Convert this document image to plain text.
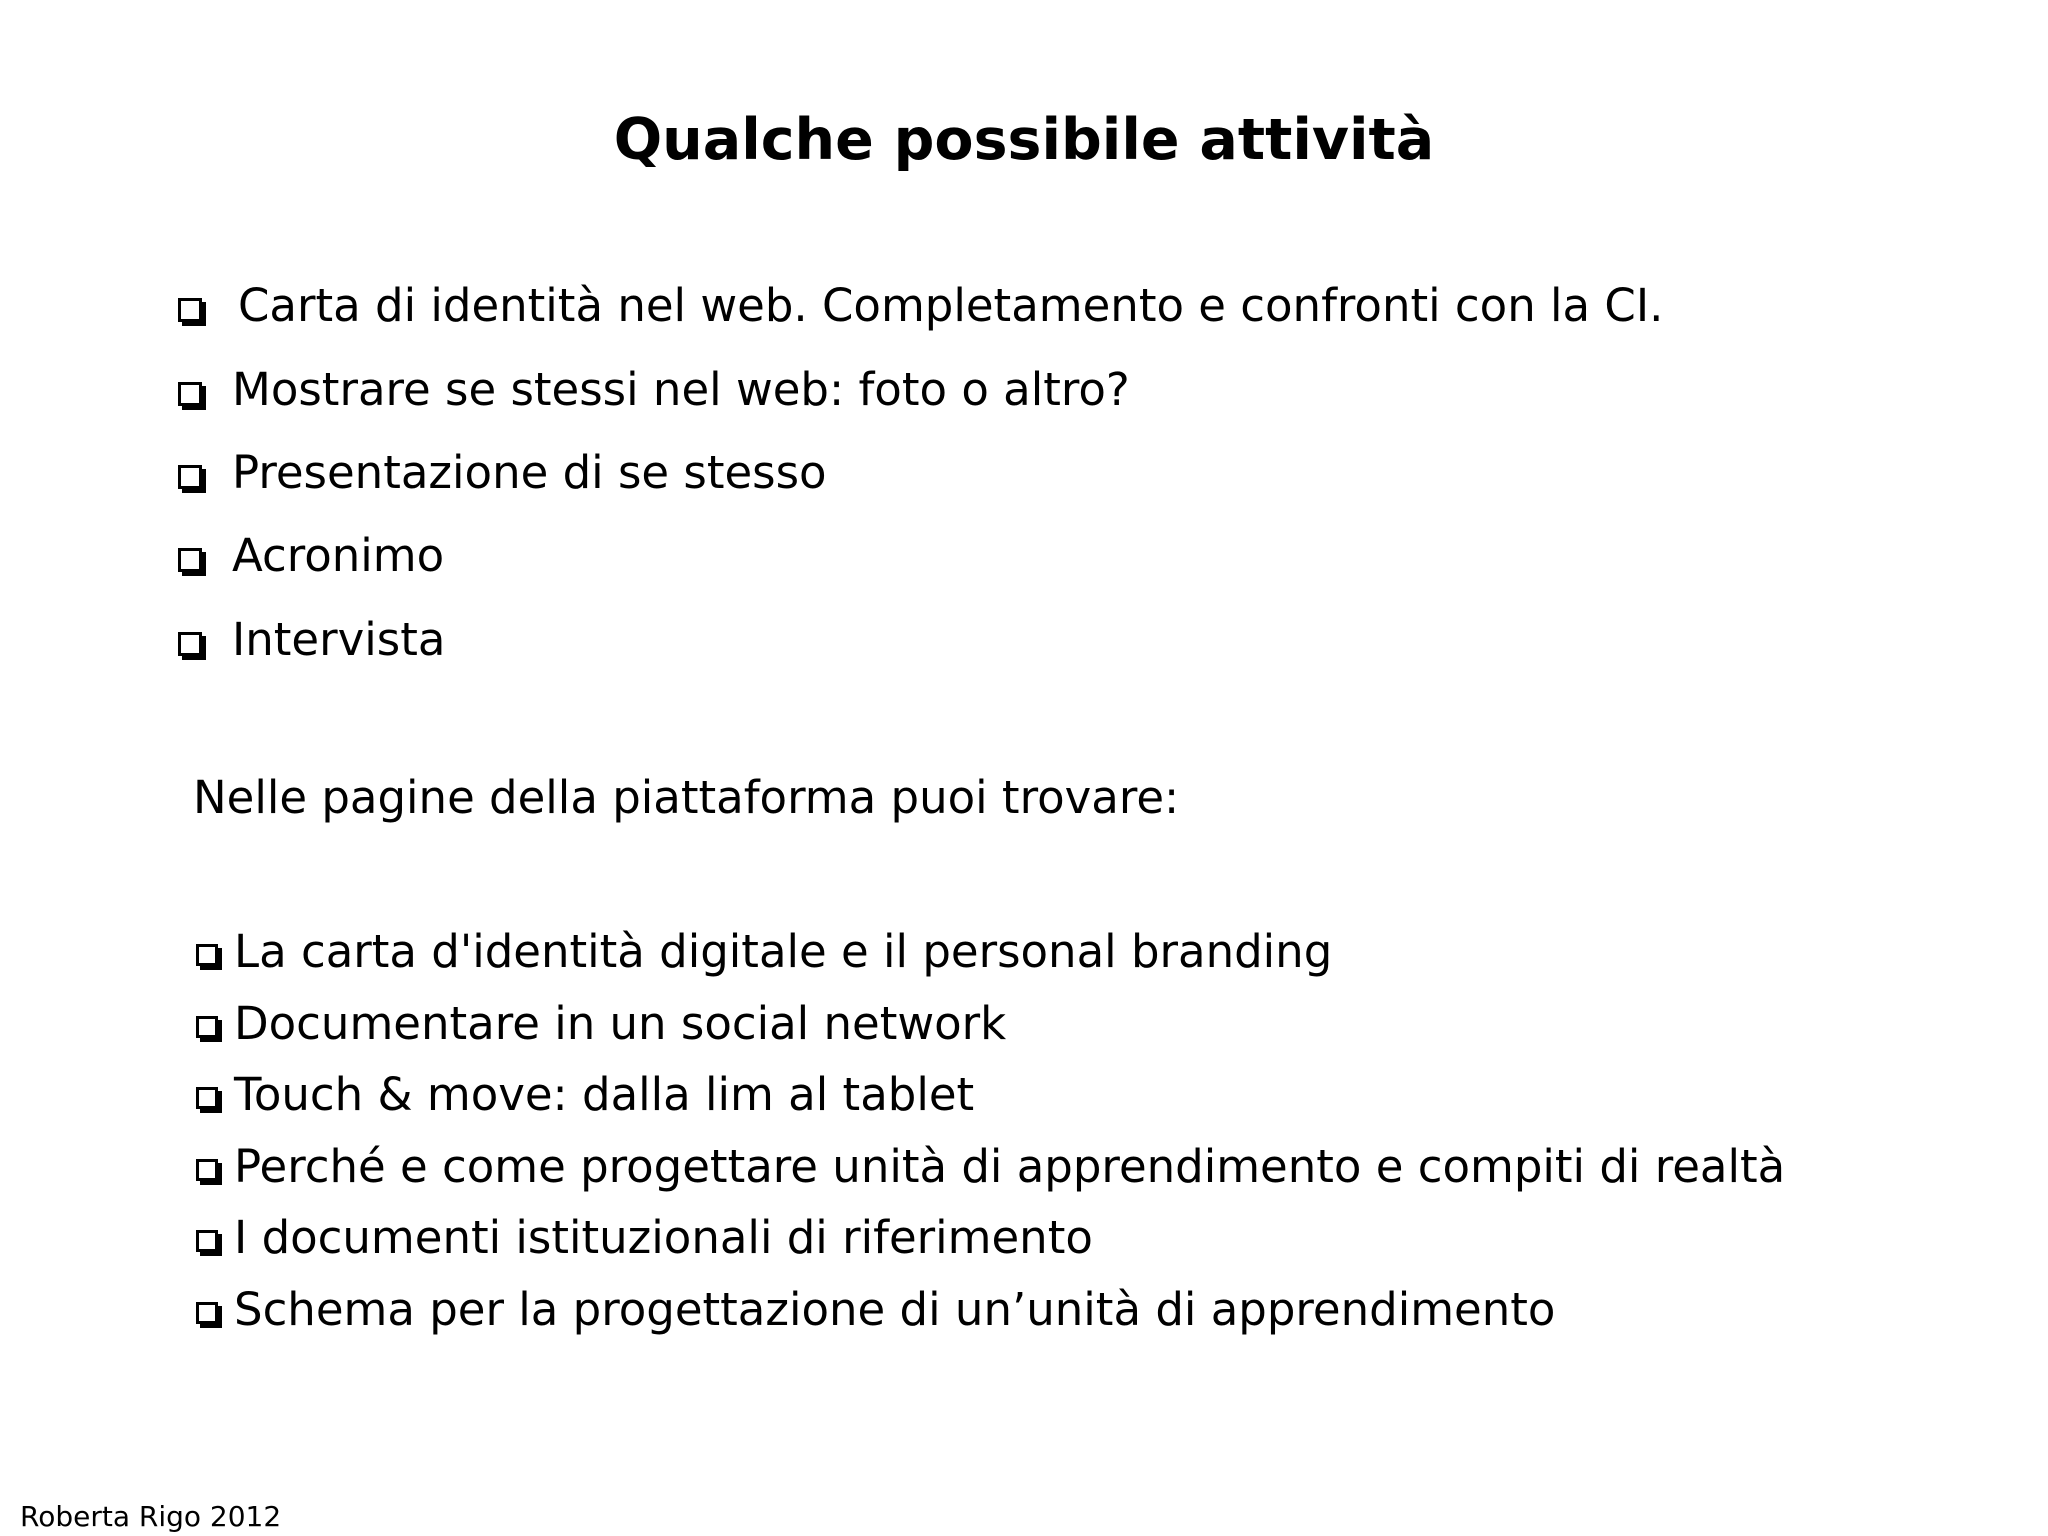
Qualche possibile attività
Carta di identità nel web. Completamento e confronti con la CI.
Mostrare se stessi nel web: foto o altro?
Presentazione di se stesso
Acronimo
Intervista
Nelle pagine della piattaforma puoi trovare:
La carta d'identità digitale e il personal branding
Documentare in un social network
Touch & move: dalla lim al tablet
Perché e come progettare unità di apprendimento e compiti di realtà
I documenti istituzionali di riferimento
Schema per la progettazione di un’unità di apprendimento
Roberta Rigo 2012
